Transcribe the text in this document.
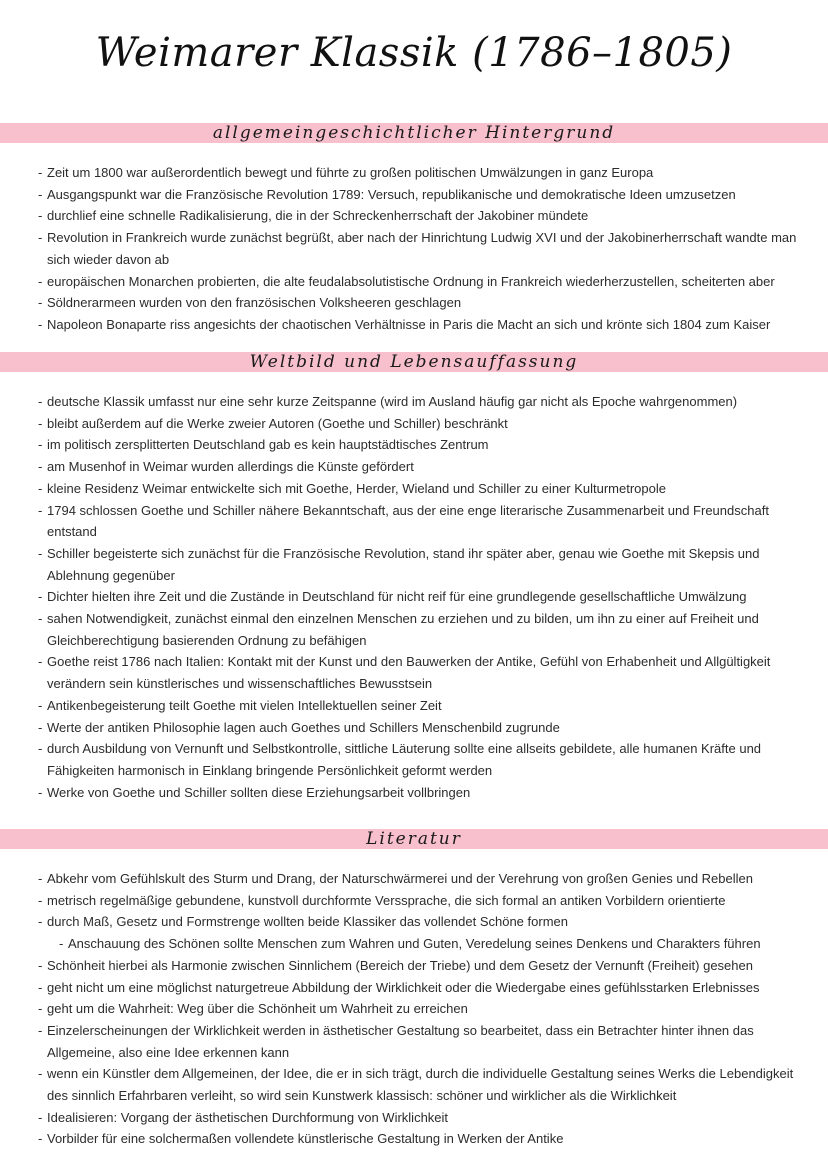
Weimarer Klassik (1786–1805)
allgemeingeschichtlicher Hintergrund
- Zeit um 1800 war außerordentlich bewegt und führte zu großen politischen Umwälzungen in ganz Europa
- Ausgangspunkt war die Französische Revolution 1789: Versuch, republikanische und demokratische Ideen umzusetzen
- durchlief eine schnelle Radikalisierung, die in der Schreckenherrschaft der Jakobiner mündete
- Revolution in Frankreich wurde zunächst begrüßt, aber nach der Hinrichtung Ludwig XVI und der Jakobinerherrschaft wandte man sich wieder davon ab
- europäischen Monarchen probierten, die alte feudalabsolutistische Ordnung in Frankreich wiederherzustellen, scheiterten aber
- Söldnerarmeen wurden von den französischen Volksheeren geschlagen
- Napoleon Bonaparte riss angesichts der chaotischen Verhältnisse in Paris die Macht an sich und krönte sich 1804 zum Kaiser
Weltbild und Lebensauffassung
- deutsche Klassik umfasst nur eine sehr kurze Zeitspanne (wird im Ausland häufig gar nicht als Epoche wahrgenommen)
- bleibt außerdem auf die Werke zweier Autoren (Goethe und Schiller) beschränkt
- im politisch zersplitterten Deutschland gab es kein hauptstädtisches Zentrum
- am Musenhof in Weimar wurden allerdings die Künste gefördert
- kleine Residenz Weimar entwickelte sich mit Goethe, Herder, Wieland und Schiller zu einer Kulturmetropole
- 1794 schlossen Goethe und Schiller nähere Bekanntschaft, aus der eine enge literarische Zusammenarbeit und Freundschaft entstand
- Schiller begeisterte sich zunächst für die Französische Revolution, stand ihr später aber, genau wie Goethe mit Skepsis und Ablehnung gegenüber
- Dichter hielten ihre Zeit und die Zustände in Deutschland für nicht reif für eine grundlegende gesellschaftliche Umwälzung
- sahen Notwendigkeit, zunächst einmal den einzelnen Menschen zu erziehen und zu bilden, um ihn zu einer auf Freiheit und Gleichberechtigung basierenden Ordnung zu befähigen
- Goethe reist 1786 nach Italien: Kontakt mit der Kunst und den Bauwerken der Antike, Gefühl von Erhabenheit und Allgültigkeit verändern sein künstlerisches und wissenschaftliches Bewusstsein
- Antikenbegeisterung teilt Goethe mit vielen Intellektuellen seiner Zeit
- Werte der antiken Philosophie lagen auch Goethes und Schillers Menschenbild zugrunde
- durch Ausbildung von Vernunft und Selbstkontrolle, sittliche Läuterung sollte eine allseits gebildete, alle humanen Kräfte und Fähigkeiten harmonisch in Einklang bringende Persönlichkeit geformt werden
- Werke von Goethe und Schiller sollten diese Erziehungsarbeit vollbringen
Literatur
- Abkehr vom Gefühlskult des Sturm und Drang, der Naturschwärmerei und der Verehrung von großen Genies und Rebellen
- metrisch regelmäßige gebundene, kunstvoll durchformte Verssprache, die sich formal an antiken Vorbildern orientierte
- durch Maß, Gesetz und Formstrenge wollten beide Klassiker das vollendet Schöne formen
- Anschauung des Schönen sollte Menschen zum Wahren und Guten, Veredelung seines Denkens und Charakters führen
- Schönheit hierbei als Harmonie zwischen Sinnlichem (Bereich der Triebe) und dem Gesetz der Vernunft (Freiheit) gesehen
- geht nicht um eine möglichst naturgetreue Abbildung der Wirklichkeit oder die Wiedergabe eines gefühlsstarken Erlebnisses
- geht um die Wahrheit: Weg über die Schönheit um Wahrheit zu erreichen
- Einzelerscheinungen der Wirklichkeit werden in ästhetischer Gestaltung so bearbeitet, dass ein Betrachter hinter ihnen das Allgemeine, also eine Idee erkennen kann
- wenn ein Künstler dem Allgemeinen, der Idee, die er in sich trägt, durch die individuelle Gestaltung seines Werks die Lebendigkeit des sinnlich Erfahrbaren verleiht, so wird sein Kunstwerk klassisch: schöner und wirklicher als die Wirklichkeit
- Idealisieren: Vorgang der ästhetischen Durchformung von Wirklichkeit
- Vorbilder für eine solchermaßen vollendete künstlerische Gestaltung in Werken der Antike
